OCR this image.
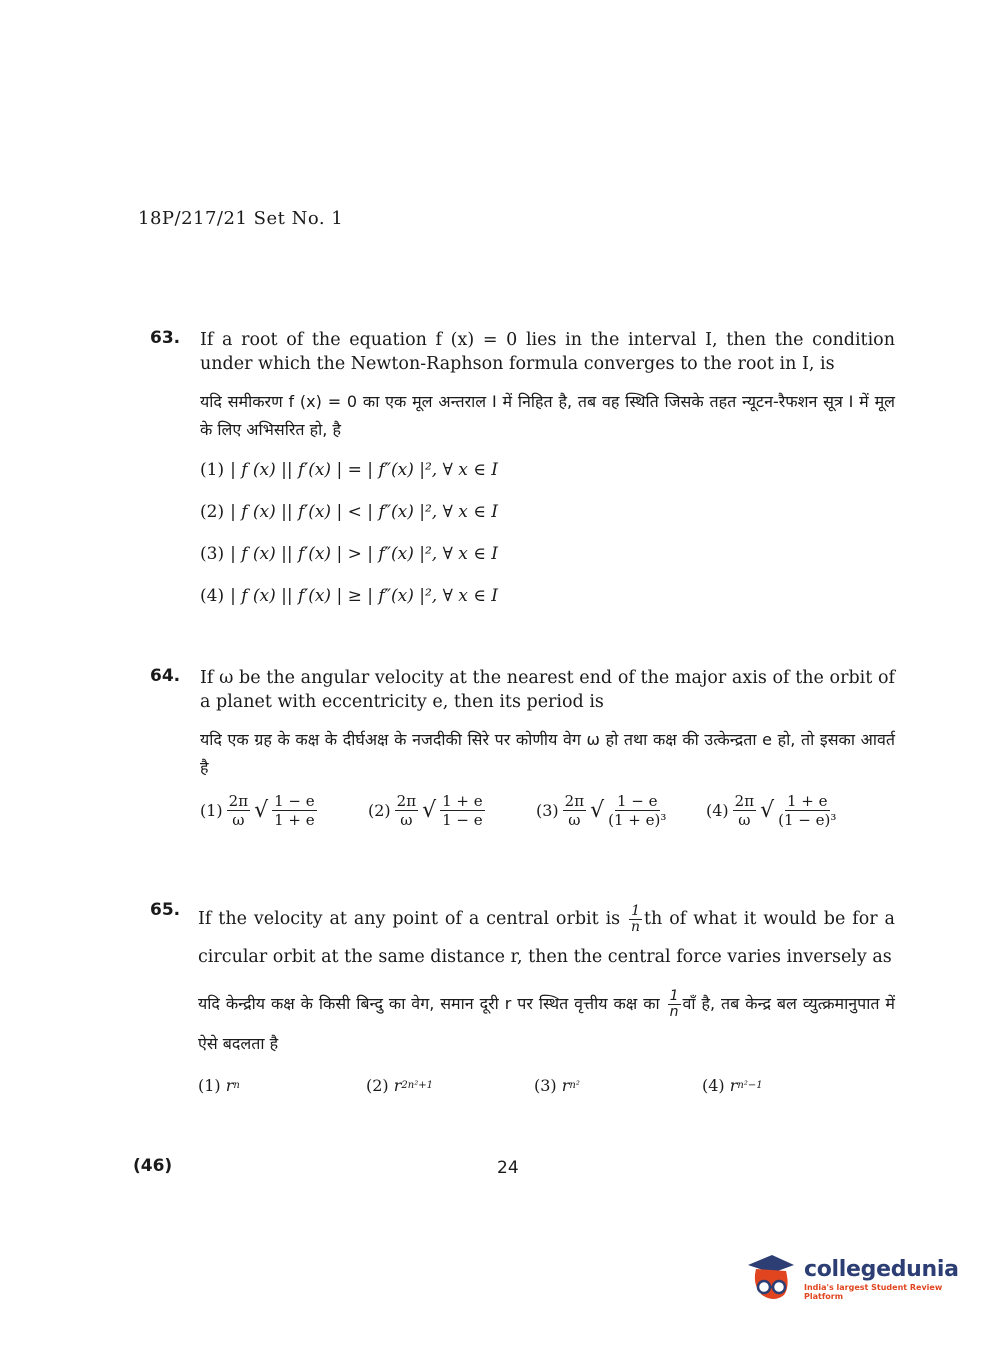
18P/217/21 Set No. 1
63. If a root of the equation f (x) = 0 lies in the interval I, then the condition under which the Newton-Raphson formula converges to the root in I, is
यदि समीकरण f (x) = 0 का एक मूल अन्तराल I में निहित है, तब वह स्थिति जिसके तहत न्यूटन-रैफशन सूत्र I में मूल के लिए अभिसरित हो, है
(1) | f (x) || f′(x) | = | f″(x) |², ∀ x ∈ I
(2) | f (x) || f′(x) | < | f″(x) |², ∀ x ∈ I
(3) | f (x) || f′(x) | > | f″(x) |², ∀ x ∈ I
(4) | f (x) || f′(x) | ≥ | f″(x) |², ∀ x ∈ I
64. If ω be the angular velocity at the nearest end of the major axis of the orbit of a planet with eccentricity e, then its period is
यदि एक ग्रह के कक्ष के दीर्घअक्ष के नजदीकी सिरे पर कोणीय वेग ω हो तथा कक्ष की उत्केन्द्रता e हो, तो इसका आवर्त है
$(1) \frac{2\pi}{\omega}$ √ $\frac{1 - e}{1 + e}$	$(2) \frac{2\pi}{\omega}$ √ $\frac{1 + e}{1 - e}$	$(3) \frac{2\pi}{\omega}$ √ $\frac{1 - e}{\text{(1 + e)³}} (4) \frac{2\pi}{\omega}$ √ $\frac{1 + e}{\text{(1 − e)³}}$
65. If the velocity at any point of a central orbit is $\frac{1}{n}$ th of what it would be for a circular orbit at the same distance r, then the central force varies inversely as
यदि केन्द्रीय कक्ष के किसी बिन्दु का वेग, समान दूरी r पर स्थित वृत्तीय कक्ष का $\frac{1}{n}$ वाँ है, तब केन्द्र बल व्युत्क्रमानुपात में ऐसे बदलता है
(1)
r n	(2)
r 2n²+1	(3)
r n²	(4)
r n²−1
(46)	24
collegedunia
India's largest Student Review Platform
